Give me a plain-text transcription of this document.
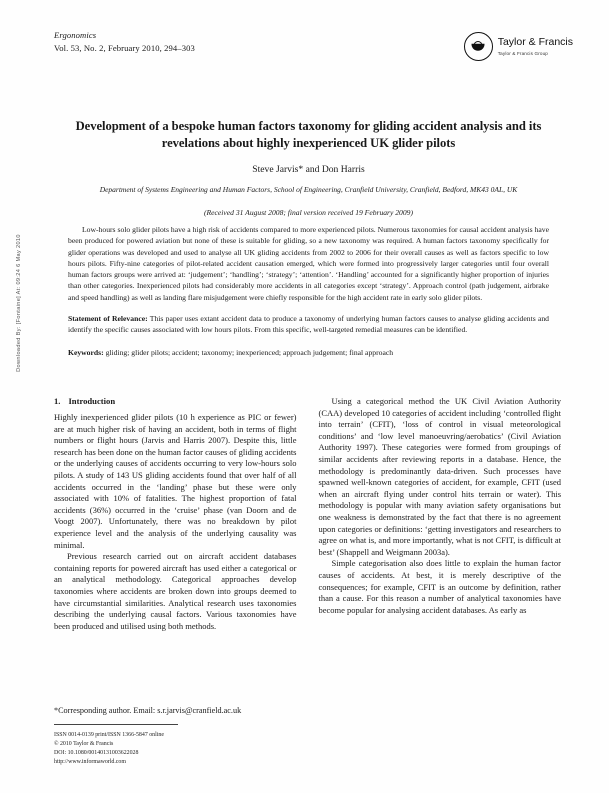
Downloaded By: [Fontaine] At: 09:24 6 May 2010
Ergonomics
Vol. 53, No. 2, February 2010, 294–303	Taylor & Francis
Taylor & Francis Group
Development of a bespoke human factors taxonomy for gliding accident analysis and its revelations about highly inexperienced UK glider pilots
Steve Jarvis* and Don Harris
Department of Systems Engineering and Human Factors, School of Engineering, Cranfield University, Cranfield, Bedford, MK43 0AL, UK
(Received 31 August 2008; final version received 19 February 2009)

Low-hours solo glider pilots have a high risk of accidents compared to more experienced pilots. Numerous taxonomies for causal accident analysis have been produced for powered aviation but none of these is suitable for gliding, so a new taxonomy was required. A human factors taxonomy specifically for glider operations was developed and used to analyse all UK gliding accidents from 2002 to 2006 for their overall causes as well as factors specific to low hours pilots. Fifty-nine categories of pilot-related accident causation emerged, which were formed into progressively larger categories until four overall human factors groups were arrived at: ‘judgement’; ‘handling’; ‘strategy’; ‘attention’. ‘Handling’ accounted for a significantly higher proportion of injuries than other categories. Inexperienced pilots had considerably more accidents in all categories except ‘strategy’. Approach control (path judgement, airbrake and speed handling) as well as landing flare misjudgement were chiefly responsible for the high accident rate in early solo glider pilots.

Statement of Relevance: This paper uses extant accident data to produce a taxonomy of underlying human factors causes to analyse gliding accidents and identify the specific causes associated with low hours pilots. From this specific, well-targeted remedial measures can be identified.
Keywords: gliding; glider pilots; accident; taxonomy; inexperienced; approach judgement; final approach
1. Introduction

Highly inexperienced glider pilots (10 h experience as PIC or fewer) are at much higher risk of having an accident, both in terms of flight numbers or flight hours (Jarvis and Harris 2007). Despite this, little research has been done on the human factor causes of gliding accidents or the underlying causes of accidents occurring to very low-hours solo pilots. A study of 143 US gliding accidents found that over half of all accidents occurred in the ‘landing’ phase but these were only associated with 10% of fatalities. The highest proportion of fatal accidents (36%) occurred in the ‘cruise’ phase (van Doorn and de Voogt 2007). Unfortunately, there was no breakdown by pilot experience level and the analysis of the underlying causality was minimal.

Previous research carried out on aircraft accident databases containing reports for powered aircraft has used either a categorical or an analytical methodology. Categorical approaches develop taxonomies where accidents are broken down into groups deemed to have circumstantial similarities. Analytical research uses taxonomies describing the underlying causal factors. Various taxonomies have been produced and utilised using both methods.

Using a categorical method the UK Civil Aviation Authority (CAA) developed 10 categories of accident including ‘controlled flight into terrain’ (CFIT), ‘loss of control in visual meteorological conditions’ and ‘low level manoeuvring/aerobatics’ (Civil Aviation Authority 1997). These categories were formed from groupings of similar accidents after reviewing reports in a database. Hence, the methodology is predominantly data-driven. Such processes have spawned well-known categories of accident, for example, CFIT (used when an aircraft flying under control hits terrain or water). This methodology is popular with many aviation safety organisations but one weakness is demonstrated by the fact that there is no agreement upon categories or definitions: ‘getting investigators and researchers to agree on what is, and more importantly, what is not CFIT, is difficult at best’ (Shappell and Weigmann 2003a).

Simple categorisation also does little to explain the human factor causes of accidents. At best, it is merely descriptive of the consequences; for example, CFIT is an outcome by definition, rather than a cause. For this reason a number of analytical taxonomies have become popular for analysing accident databases. As early as

*Corresponding author. Email: s.r.jarvis@cranfield.ac.uk
ISSN 0014-0139 print/ISSN 1366-5847 online
© 2010 Taylor & Francis
DOI: 10.1080/00140131003622028
http://www.informaworld.com
